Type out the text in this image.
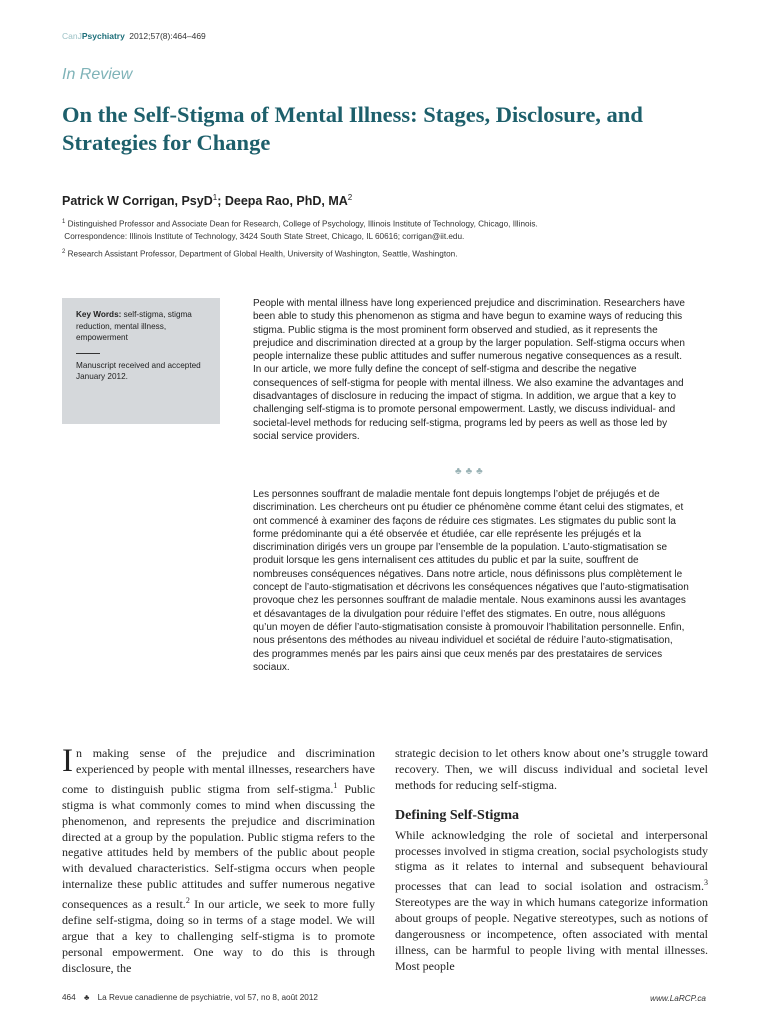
CanJPsychiatry 2012;57(8):464–469
In Review
On the Self-Stigma of Mental Illness: Stages, Disclosure, and Strategies for Change
Patrick W Corrigan, PsyD$^1$; Deepa Rao, PhD, $MA^2$
$^1$ Distinguished Professor and Associate Dean for Research, College of Psychology, Illinois Institute of Technology, Chicago, Illinois.
Correspondence: Illinois Institute of Technology, 3424 South State Street, Chicago, IL 60616; corrigan@iit.edu.
$^2$ Research Assistant Professor, Department of Global Health, University of Washington, Seattle, Washington.
Key Words: self-stigma, stigma reduction, mental illness, empowerment
Manuscript received and accepted January 2012.
People with mental illness have long experienced prejudice and discrimination. Researchers have been able to study this phenomenon as stigma and have begun to examine ways of reducing this stigma. Public stigma is the most prominent form observed and studied, as it represents the prejudice and discrimination directed at a group by the larger population. Self-stigma occurs when people internalize these public attitudes and suffer numerous negative consequences as a result. In our article, we more fully define the concept of self-stigma and describe the negative consequences of self-stigma for people with mental illness. We also examine the advantages and disadvantages of disclosure in reducing the impact of stigma. In addition, we argue that a key to challenging self-stigma is to promote personal empowerment. Lastly, we discuss individual- and societal-level methods for reducing self-stigma, programs led by peers as well as those led by social service providers.
♣♣♣
Les personnes souffrant de maladie mentale font depuis longtemps l’objet de préjugés et de discrimination. Les chercheurs ont pu étudier ce phénomène comme étant celui des stigmates, et ont commencé à examiner des façons de réduire ces stigmates. Les stigmates du public sont la forme prédominante qui a été observée et étudiée, car elle représente les préjugés et la discrimination dirigés vers un groupe par l’ensemble de la population. L’auto-stigmatisation se produit lorsque les gens internalisent ces attitudes du public et par la suite, souffrent de nombreuses conséquences négatives. Dans notre article, nous définissons plus complètement le concept de l’auto-stigmatisation et décrivons les conséquences négatives que l’auto-stigmatisation provoque chez les personnes souffrant de maladie mentale. Nous examinons aussi les avantages et désavantages de la divulgation pour réduire l’effet des stigmates. En outre, nous alléguons qu’un moyen de défier l’auto-stigmatisation consiste à promouvoir l’habilitation personnelle. Enfin, nous présentons des méthodes au niveau individuel et sociétal de réduire l’auto-stigmatisation, des programmes menés par les pairs ainsi que ceux menés par des prestataires de services sociaux.
In making sense of the prejudice and discrimination experienced by people with mental illnesses, researchers have come to distinguish public stigma from self-stigma.$^1$ Public stigma is what commonly comes to mind when discussing the phenomenon, and represents the prejudice and discrimination directed at a group by the population. Public stigma refers to the negative attitudes held by members of the public about people with devalued characteristics. Self-stigma occurs when people internalize these public attitudes and suffer numerous negative consequences as a result.$^2$ In our article, we seek to more fully define self-stigma, doing so in terms of a stage model. We will argue that a key to challenging self-stigma is to promote personal empowerment. One way to do this is through disclosure, the
strategic decision to let others know about one’s struggle toward recovery. Then, we will discuss individual and societal level methods for reducing self-stigma.
Defining Self-Stigma
While acknowledging the role of societal and interpersonal processes involved in stigma creation, social psychologists study stigma as it relates to internal and subsequent behavioural processes that can lead to social isolation and ostracism.$^3$ Stereotypes are the way in which humans categorize information about groups of people. Negative stereotypes, such as notions of dangerousness or incompetence, often associated with mental illness, can be harmful to people living with mental illnesses. Most people
464 ♣ La Revue canadienne de psychiatrie, vol 57, no 8, août 2012	www.LaRCP.ca
